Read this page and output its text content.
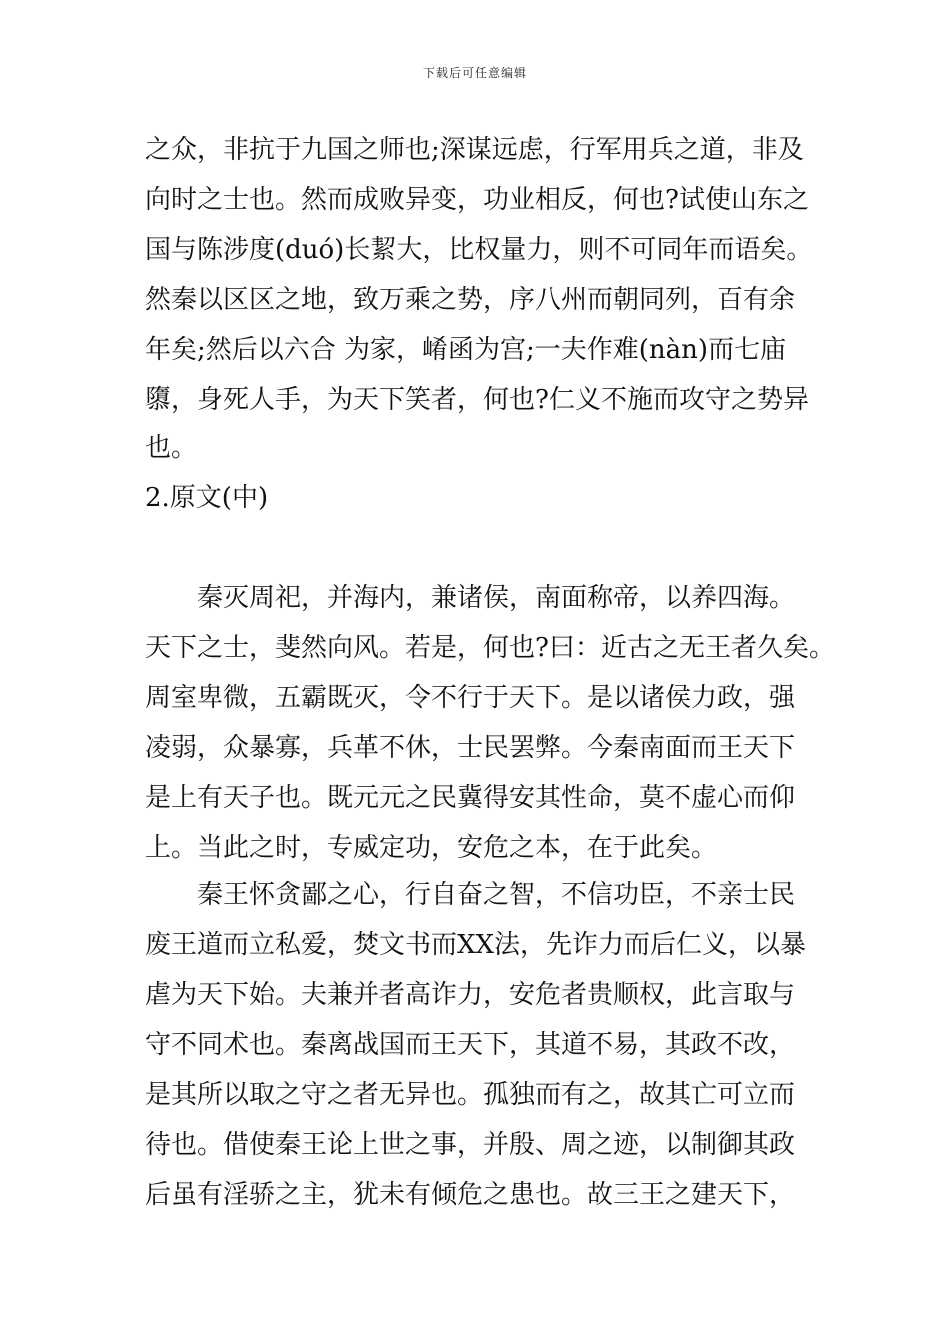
下载后可任意编辑
之众，非抗于九国之师也;深谋远虑，行军用兵之道，非及
向时之士也。然而成败异变，功业相反，何也?试使山东之
国与陈涉度(duó)长絜大，比权量力，则不可同年而语矣。
然秦以区区之地，致万乘之势，序八州而朝同列，百有余
年矣;然后以六合 为家，崤函为宫;一夫作难(nàn)而七庙
隳，身死人手，为天下笑者，何也?仁义不施而攻守之势异
也。
2.原文(中)
　　秦灭周祀，并海内，兼诸侯，南面称帝，以养四海。
天下之士，斐然向风。若是，何也?曰：近古之无王者久矣。
周室卑微，五霸既灭，令不行于天下。是以诸侯力政，强
凌弱，众暴寡，兵革不休，士民罢弊。今秦南面而王天下
是上有天子也。既元元之民冀得安其性命，莫不虚心而仰
上。当此之时，专威定功，安危之本，在于此矣。
　　秦王怀贪鄙之心，行自奋之智，不信功臣，不亲士民
废王道而立私爱，焚文书而XX法，先诈力而后仁义，以暴
虐为天下始。夫兼并者高诈力，安危者贵顺权，此言取与
守不同术也。秦离战国而王天下，其道不易，其政不改，
是其所以取之守之者无异也。孤独而有之，故其亡可立而
待也。借使秦王论上世之事，并殷、周之迹，以制御其政
后虽有淫骄之主，犹未有倾危之患也。故三王之建天下，
